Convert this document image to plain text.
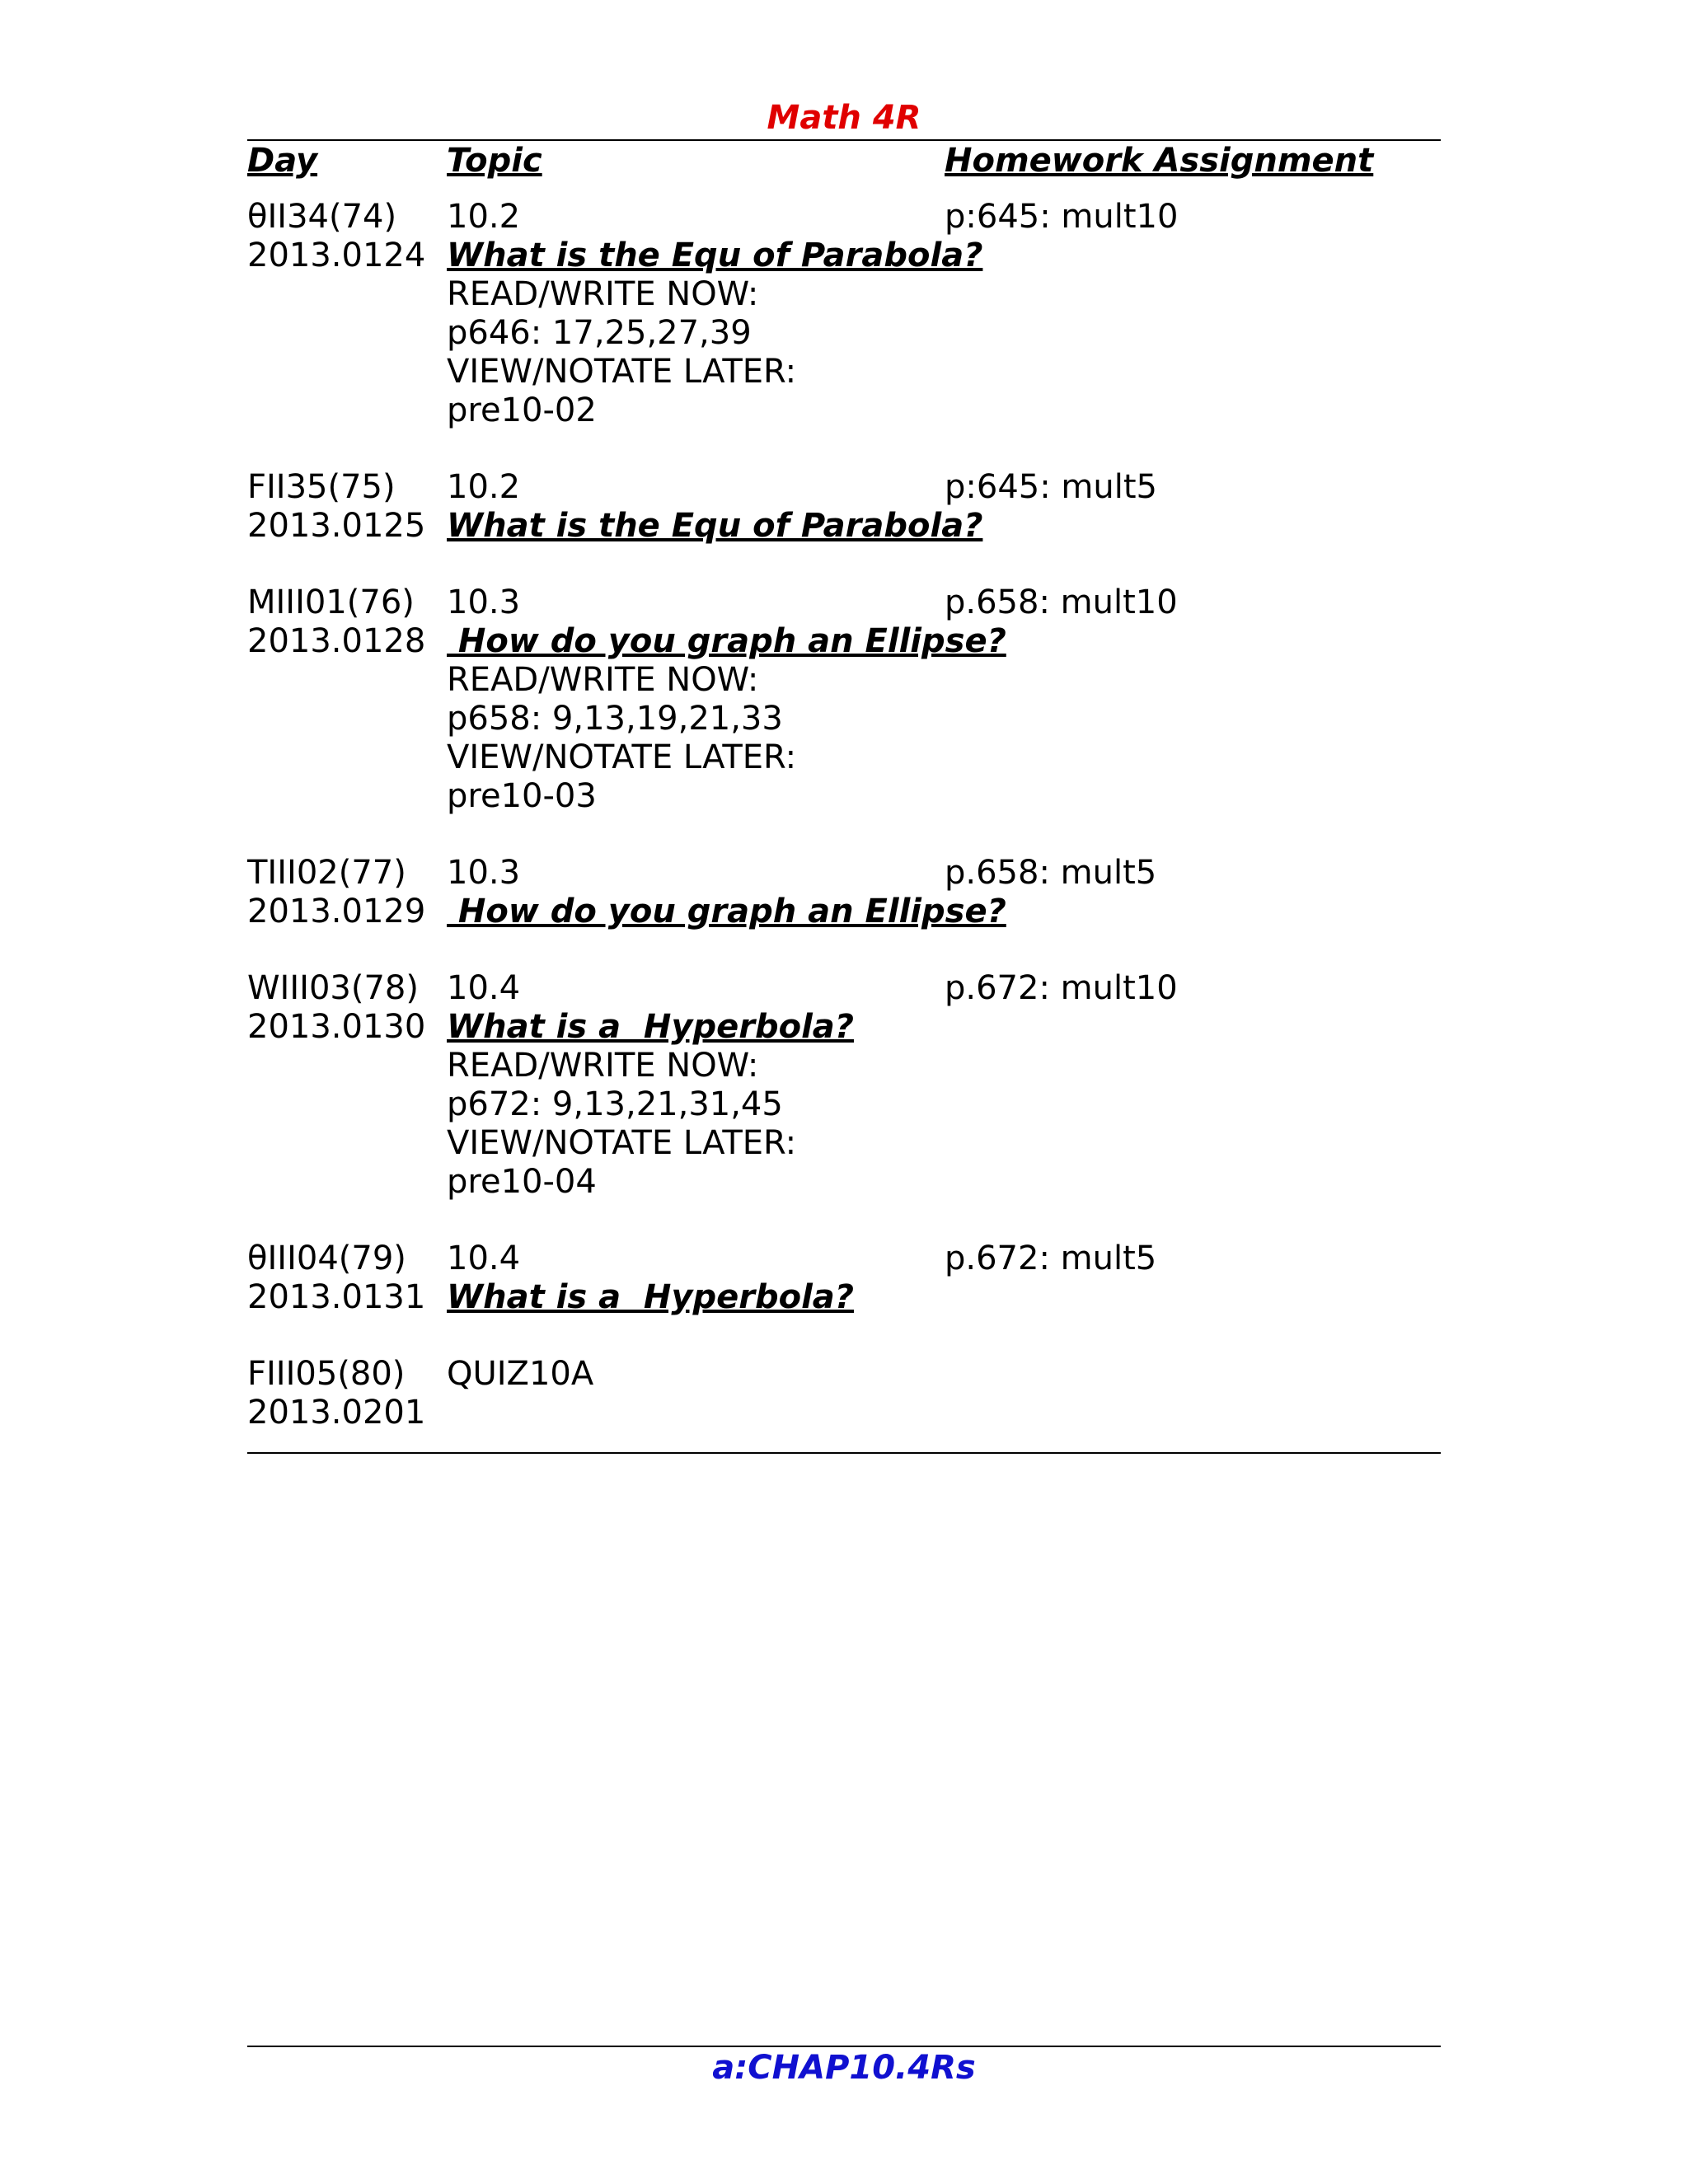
Math 4R
Day	Topic	Homework Assignment
θII34(74)	10.2	p:645: mult10
2013.0124 What is the Equ of Parabola?
READ/WRITE NOW:
p646: 17,25,27,39
VIEW/NOTATE LATER:
pre10-02
FII35(75)	10.2	p:645: mult5
2013.0125 What is the Equ of Parabola?
MIII01(76) 10.3	p.658: mult10
2013.0128 How do you graph an Ellipse?
READ/WRITE NOW:
p658: 9,13,19,21,33
VIEW/NOTATE LATER:
pre10-03
TIII02(77)	10.3	p.658: mult5
2013.0129 How do you graph an Ellipse?
WIII03(78) 10.4	p.672: mult10
2013.0130 What is a  Hyperbola?
READ/WRITE NOW:
p672: 9,13,21,31,45
VIEW/NOTATE LATER:
pre10-04
θIII04(79)	10.4	p.672: mult5
2013.0131 What is a  Hyperbola?
FIII05(80)	QUIZ10A
2013.0201
a:CHAP10.4Rs
